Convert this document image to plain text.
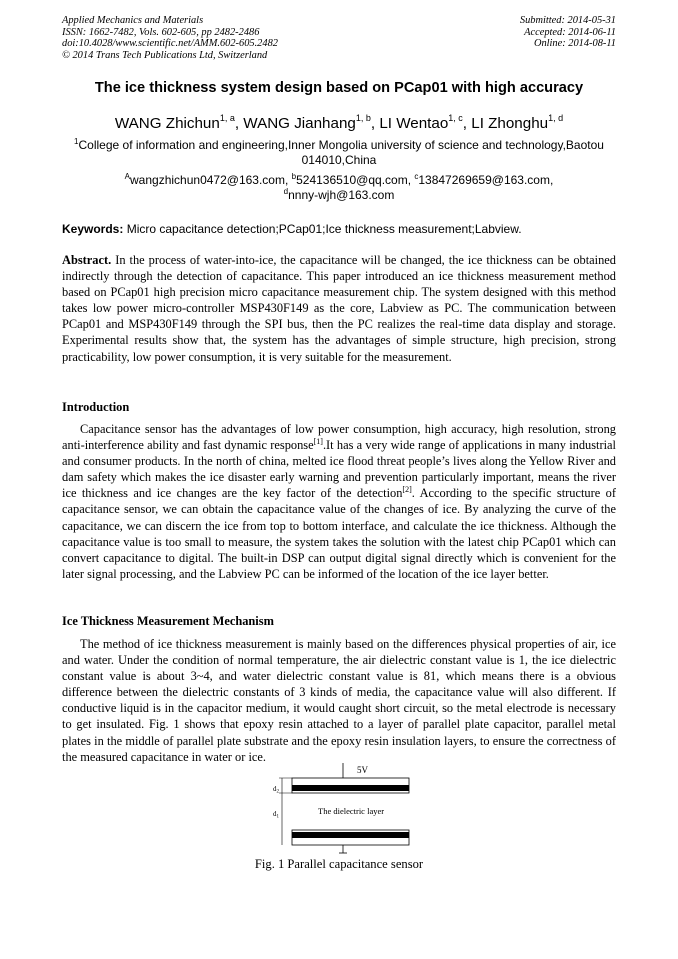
Applied Mechanics and Materials
ISSN: 1662-7482, Vols. 602-605, pp 2482-2486
doi:10.4028/www.scientific.net/AMM.602-605.2482
© 2014 Trans Tech Publications Ltd, Switzerland
Submitted: 2014-05-31
Accepted: 2014-06-11
Online: 2014-08-11
The ice thickness system design based on PCap01 with high accuracy
WANG Zhichun$^{1, a}$, WANG Jianhang$^{1, b}$, LI Wentao$^{1, c}$, LI Zhonghu$^{1, d}$
$^1$College of information and engineering,Inner Mongolia university of science and technology,Baotou 014010,China
$^A$wangzhichun0472@163.com, $^b$524136510@qq.com, $^c$13847269659@163.com,
$^d$nnny-wjh@163.com
Keywords: Micro capacitance detection;PCap01;Ice thickness measurement;Labview.
Abstract. In the process of water-into-ice, the capacitance will be changed, the ice thickness can be obtained indirectly through the detection of capacitance. This paper introduced an ice thickness measurement method based on PCap01 high precision micro capacitance measurement chip. The system designed with this method takes low power micro-controller MSP430F149 as the core, Labview as PC. The communication between PCap01 and MSP430F149 through the SPI bus, then the PC realizes the real-time data display and storage. Experimental results show that, the system has the advantages of simple structure, high precision, strong practicability, low power consumption, it is very suitable for the measurement.
Introduction
Capacitance sensor has the advantages of low power consumption, high accuracy, high resolution, strong anti-interference ability and fast dynamic response[1].It has a very wide range of applications in many industrial and consumer products. In the north of china, melted ice flood threat people’s lives along the Yellow River and dam safety which makes the ice disaster early warning and prevention particularly important, means the river ice thickness and ice changes are the key factor of the detection[2]. According to the specific structure of capacitance sensor, we can obtain the capacitance value of the changes of ice. By analyzing the curve of the capacitance, we can discern the ice from top to bottom interface, and calculate the ice thickness. Although the capacitance value is too small to measure, the system takes the solution with the latest chip PCap01 which can convert capacitance to digital. The built-in DSP can output digital signal directly which is convenient for the later signal processing, and the Labview PC can be informed of the location of the ice layer better.
Ice Thickness Measurement Mechanism
The method of ice thickness measurement is mainly based on the differences physical properties of air, ice and water. Under the condition of normal temperature, the air dielectric constant value is 1, the ice dielectric constant value is about 3~4, and water dielectric constant value is 81, which means there is a obvious difference between the dielectric constants of 3 kinds of media, the capacitance value will also different. If conductive liquid is in the capacitor medium, it would caught short circuit, so the metal electrode is necessary to get insulated. Fig. 1 shows that epoxy resin attached to a layer of parallel plate capacitor, parallel metal plates in the middle of parallel plate substrate and the epoxy resin insulation layers, to ensure the correctness of the measured capacitance in water or ice.
5V
$d_2$
$d_1$
The dielectric layer
Fig. 1 Parallel capacitance sensor
